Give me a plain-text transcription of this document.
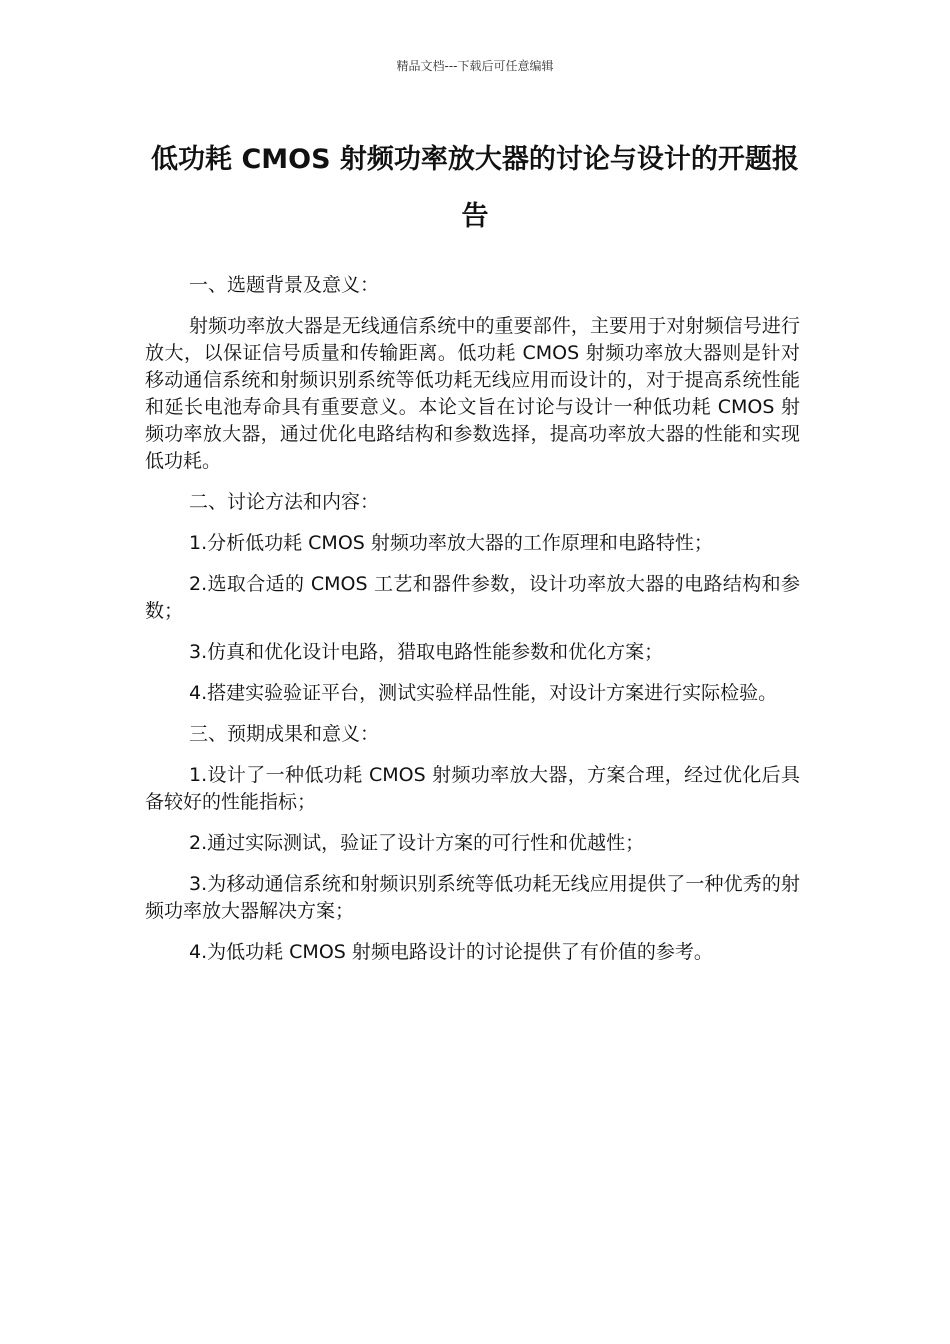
精品文档---下载后可任意编辑
低功耗 CMOS 射频功率放大器的讨论与设计的开题报告

一、选题背景及意义：

射频功率放大器是无线通信系统中的重要部件，主要用于对射频信号进行放大，以保证信号质量和传输距离。低功耗 CMOS 射频功率放大器则是针对移动通信系统和射频识别系统等低功耗无线应用而设计的，对于提高系统性能和延长电池寿命具有重要意义。本论文旨在讨论与设计一种低功耗 CMOS 射频功率放大器，通过优化电路结构和参数选择，提高功率放大器的性能和实现低功耗。

二、讨论方法和内容：

1.分析低功耗 CMOS 射频功率放大器的工作原理和电路特性；

2.选取合适的 CMOS 工艺和器件参数，设计功率放大器的电路结构和参数；

3.仿真和优化设计电路，猎取电路性能参数和优化方案；

4.搭建实验验证平台，测试实验样品性能，对设计方案进行实际检验。

三、预期成果和意义：

1.设计了一种低功耗 CMOS 射频功率放大器，方案合理，经过优化后具备较好的性能指标；

2.通过实际测试，验证了设计方案的可行性和优越性；

3.为移动通信系统和射频识别系统等低功耗无线应用提供了一种优秀的射频功率放大器解决方案；

4.为低功耗 CMOS 射频电路设计的讨论提供了有价值的参考。
